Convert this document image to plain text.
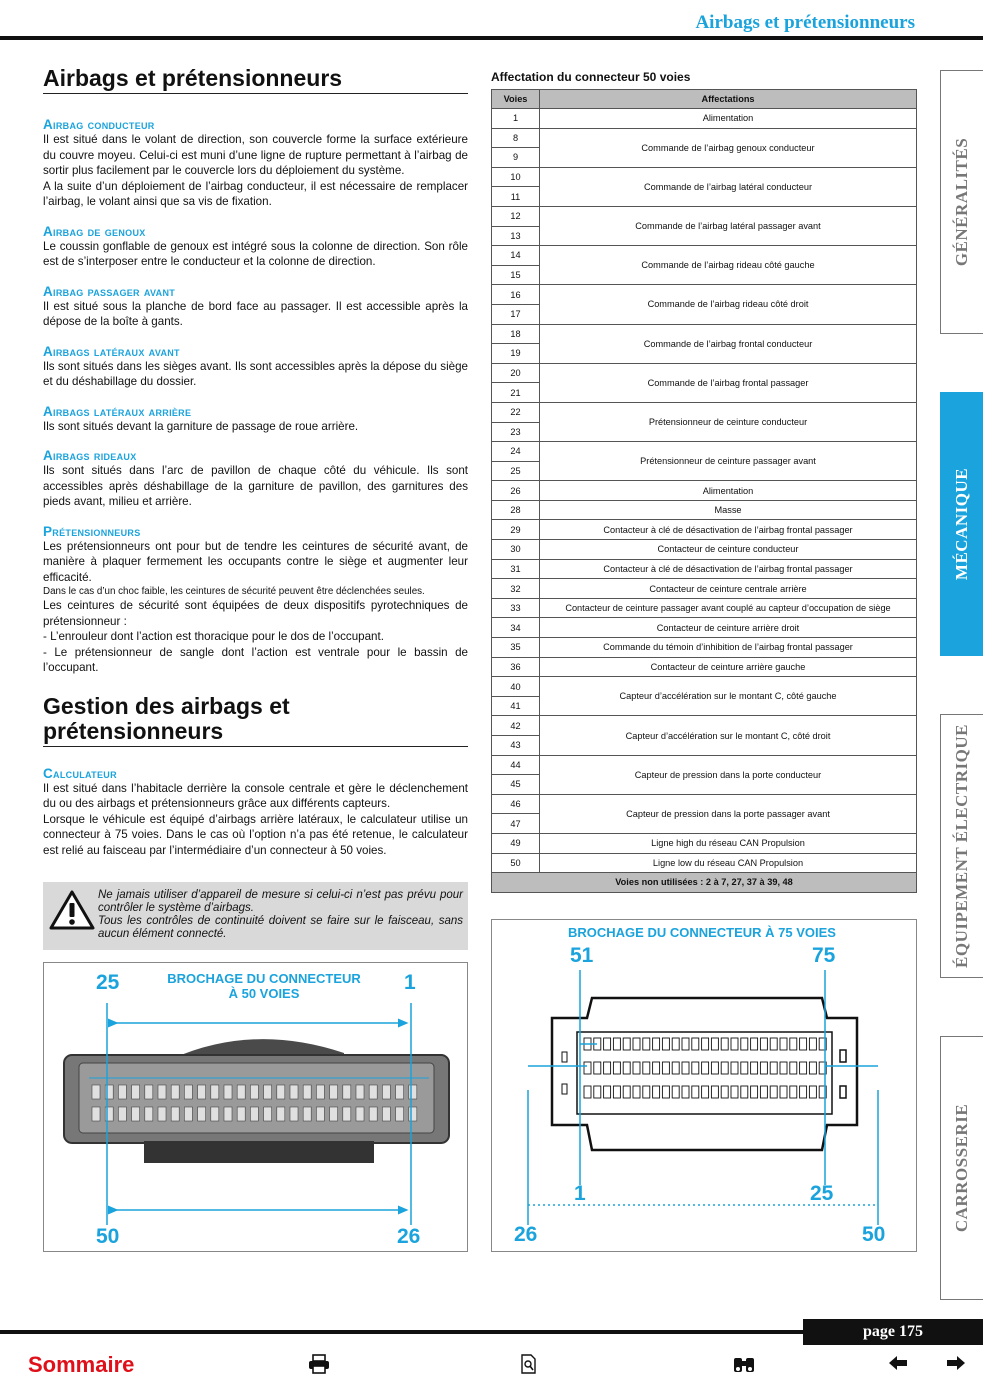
Airbags et prétensionneurs
GÉNÉRALITÉS
MÉCANIQUE
ÉQUIPEMENT ÉLECTRIQUE
CARROSSERIE
Airbags et prétensionneurs
Airbag conducteur
Il est situé dans le volant de direction, son couvercle forme la surface extérieure du couvre moyeu. Celui-ci est muni d’une ligne de rupture permettant à l’airbag de sortir plus facilement par le couvercle lors du déploiement du système.
A la suite d’un déploiement de l’airbag conducteur, il est nécessaire de remplacer l’airbag, le volant ainsi que sa vis de fixation.
Airbag de genoux
Le coussin gonflable de genoux est intégré sous la colonne de direction. Son rôle est de s’interposer entre le conducteur et la colonne de direction.
Airbag passager avant
Il est situé sous la planche de bord face au passager. Il est accessible après la dépose de la boîte à gants.
Airbags latéraux avant
Ils sont situés dans les sièges avant. Ils sont accessibles après la dépose du siège et du déshabillage du dossier.
Airbags latéraux arrière
Ils sont situés devant la garniture de passage de roue arrière.
Airbags rideaux
Ils sont situés dans l’arc de pavillon de chaque côté du véhicule. Ils sont accessibles après déshabillage de la garniture de pavillon, des garnitures des pieds avant, milieu et arrière.
Prétensionneurs
Les prétensionneurs ont pour but de tendre les ceintures de sécurité avant, de manière à plaquer fermement les occupants contre le siège et augmenter leur efficacité.
Dans le cas d’un choc faible, les ceintures de sécurité peuvent être déclenchées seules.
Les ceintures de sécurité sont équipées de deux dispositifs pyrotechniques de prétensionneur :
- L’enrouleur dont l’action est thoracique pour le dos de l’occupant.
- Le prétensionneur de sangle dont l’action est ventrale pour le bassin de l’occupant.
Gestion des airbags et prétensionneurs
Calculateur
Il est situé dans l’habitacle derrière la console centrale et gère le déclenchement du ou des airbags et prétensionneurs grâce aux différents capteurs.
Lorsque le véhicule est équipé d’airbags arrière latéraux, le calculateur utilise un connecteur à 75 voies. Dans le cas où l’option n’a pas été retenue, le calculateur est relié au faisceau par l’intermédiaire d’un connecteur à 50 voies.
Ne jamais utiliser d’appareil de mesure si celui-ci n’est pas prévu pour contrôler le système d’airbags.
Tous les contrôles de continuité doivent se faire sur le faisceau, sans aucun élément connecté.
BROCHAGE DU CONNECTEUR
À 50 VOIES
25	1
50	26
BROCHAGE DU CONNECTEUR À 75 VOIES
51	75
1	25
26	50
Affectation du connecteur 50 voies
Voies	Affectations
1	Alimentation
8	Commande de l’airbag genoux conducteur
9	
10	Commande de l’airbag latéral conducteur
11	
12	Commande de l’airbag latéral passager avant
13	
14	Commande de l’airbag rideau côté gauche
15	
16	Commande de l’airbag rideau côté droit
17	
18	Commande de l’airbag frontal conducteur
19	
20	Commande de l’airbag frontal passager
21	
22	Prétensionneur de ceinture conducteur
23	
24	Prétensionneur de ceinture passager avant
25	
26	Alimentation
28	Masse
29	Contacteur à clé de désactivation de l’airbag frontal passager
30	Contacteur de ceinture conducteur
31	Contacteur à clé de désactivation de l’airbag frontal passager
32	Contacteur de ceinture centrale arrière
33	Contacteur de ceinture passager avant couplé au capteur d’occupation de siège
34	Contacteur de ceinture arrière droit
35	Commande du témoin d’inhibition de l’airbag frontal passager
36	Contacteur de ceinture arrière gauche
40	Capteur d’accélération sur le montant C, côté gauche
41	
42	Capteur d’accélération sur le montant C, côté droit
43	
44	Capteur de pression dans la porte conducteur
45	
46	Capteur de pression dans la porte passager avant
47	
49	Ligne high du réseau CAN Propulsion
50	Ligne low du réseau CAN Propulsion
Voies non utilisées : 2 à 7, 27, 37 à 39, 48	
page 175
Sommaire
